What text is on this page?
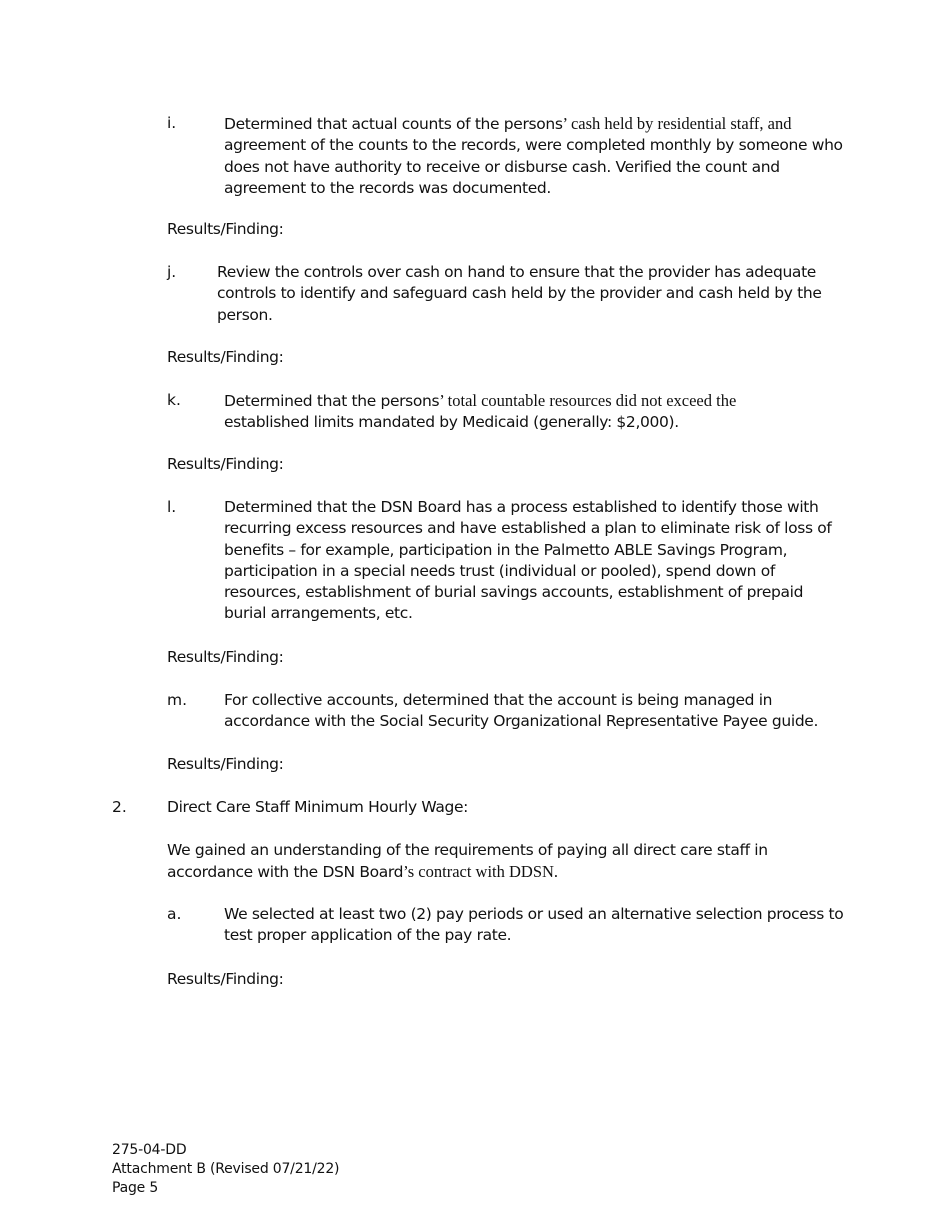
i.	Determined that actual counts of the persons’ cash held by residential staff, and
agreement of the counts to the records, were completed monthly by someone who
does not have authority to receive or disburse cash. Verified the count and
agreement to the records was documented.
Results/Finding:
j.	Review the controls over cash on hand to ensure that the provider has adequate
controls to identify and safeguard cash held by the provider and cash held by the
person.
Results/Finding:
k.	Determined that the persons’ total countable resources did not exceed the
established limits mandated by Medicaid (generally: $2,000).
Results/Finding:
l.	Determined that the DSN Board has a process established to identify those with
recurring excess resources and have established a plan to eliminate risk of loss of
benefits – for example, participation in the Palmetto ABLE Savings Program,
participation in a special needs trust (individual or pooled), spend down of
resources, establishment of burial savings accounts, establishment of prepaid
burial arrangements, etc.
Results/Finding:
m. For collective accounts, determined that the account is being managed in
accordance with the Social Security Organizational Representative Payee guide.
Results/Finding:
2.	Direct Care Staff Minimum Hourly Wage:
We gained an understanding of the requirements of paying all direct care staff in
accordance with the DSN Board’s contract with DDSN.
a.	We selected at least two (2) pay periods or used an alternative selection process to
test proper application of the pay rate.
Results/Finding:
275-04-DD
Attachment B (Revised 07/21/22)
Page 5
